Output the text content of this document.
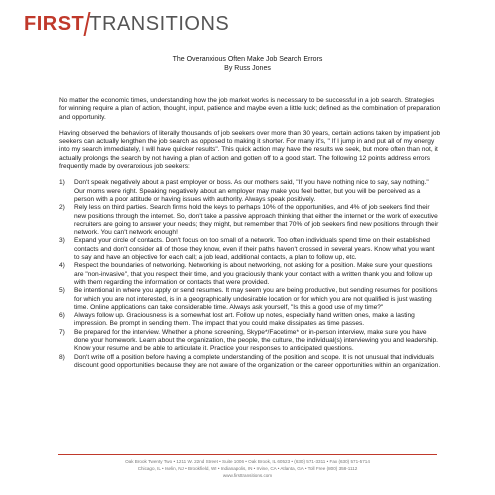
FIRST TRANSITIONS
The Overanxious Often Make Job Search Errors
By Russ Jones

No matter the economic times, understanding how the job market works is necessary to be successful in a job search. Strategies for winning require a plan of action, thought, input, patience and maybe even a little luck; defined as the combination of preparation and opportunity.

Having observed the behaviors of literally thousands of job seekers over more than 30 years, certain actions taken by impatient job seekers can actually lengthen the job search as opposed to making it shorter. For many it's, " If I jump in and put all of my energy into my search immediately, I will have quicker results". This quick action may have the results we seek, but more often than not, it actually prolongs the search by not having a plan of action and gotten off to a good start. The following 12 points address errors frequently made by overanxious job seekers:

1) Don't speak negatively about a past employer or boss. As our mothers said, "If you have nothing nice to say, say nothing." Our moms were right. Speaking negatively about an employer may make you feel better, but you will be perceived as a person with a poor attitude or having issues with authority. Always speak positively.
2) Rely less on third parties. Search firms hold the keys to perhaps 10% of the opportunities, and 4% of job seekers find their new positions through the internet. So, don't take a passive approach thinking that either the internet or the work of executive recruiters are going to answer your needs; they might, but remember that 70% of job seekers find new positions through their network. You can't network enough!
3) Expand your circle of contacts. Don't focus on too small of a network. Too often individuals spend time on their established contacts and don't consider all of those they know, even if their paths haven't crossed in several years. Know what you want to say and have an objective for each call; a job lead, additional contacts, a plan to follow up, etc.
4) Respect the boundaries of networking. Networking is about networking, not asking for a position. Make sure your questions are "non-invasive", that you respect their time, and you graciously thank your contact with a written thank you and follow up with them regarding the information or contacts that were provided.
5) Be intentional in where you apply or send resumes. It may seem you are being productive, but sending resumes for positions for which you are not interested, is in a geographically undesirable location or for which you are not qualified is just wasting time. Online applications can take considerable time. Always ask yourself, "Is this a good use of my time?"
6) Always follow up. Graciousness is a somewhat lost art. Follow up notes, especially hand written ones, make a lasting impression. Be prompt in sending them. The impact that you could make dissipates as time passes.
7) Be prepared for the interview. Whether a phone screening, Skype*/Facetime* or in-person interview, make sure you have done your homework. Learn about the organization, the people, the culture, the individual(s) interviewing you and leadership. Know your resume and be able to articulate it. Practice your responses to anticipated questions.
8) Don't write off a position before having a complete understanding of the position and scope. It is not unusual that individuals discount good opportunities because they are not aware of the organization or the career opportunities within an organization.
Oak Brook Twenty Two • 1211 W. 22nd Street • Suite 1006 • Oak Brook, IL 60523 • (630) 571-3311 • Fax (630) 571-5714
Chicago, IL • Iselin, NJ • Brookfield, WI • Indianapolis, IN • Irvine, CA • Atlanta, GA • Toll Free (800) 358-1112
www.firsttransitions.com
